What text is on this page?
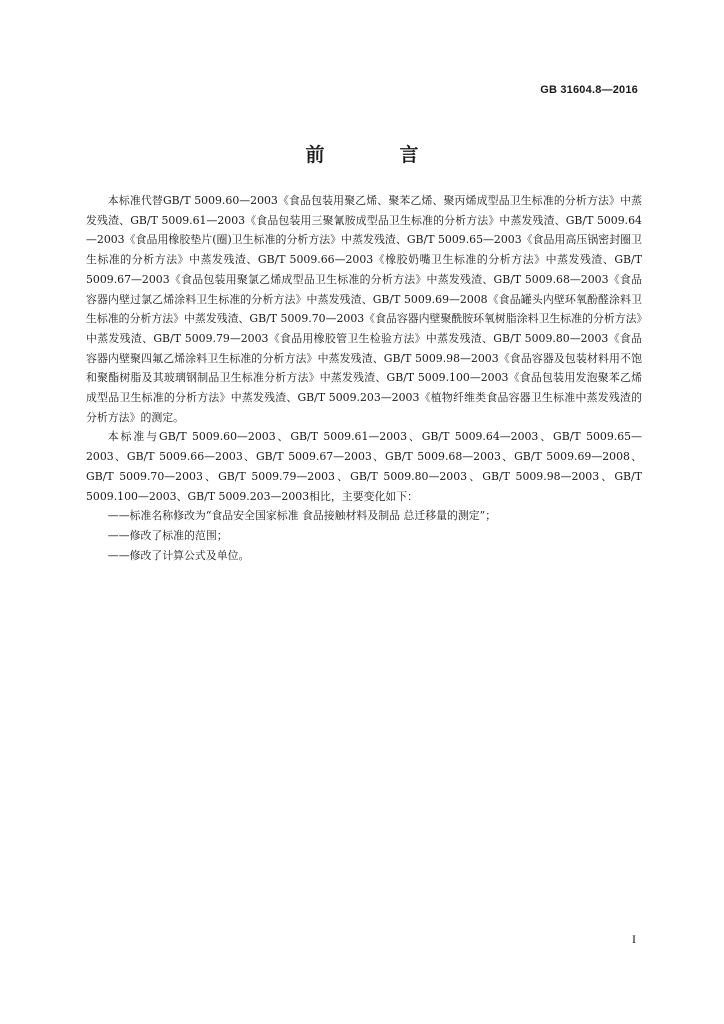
GB 31604.8—2016
前　言

本标准代替GB/T 5009.60—2003《食品包装用聚乙烯、聚苯乙烯、聚丙烯成型品卫生标准的分析方法》中蒸发残渣、GB/T 5009.61—2003《食品包装用三聚氰胺成型品卫生标准的分析方法》中蒸发残渣、GB/T 5009.64—2003《食品用橡胶垫片(圈)卫生标准的分析方法》中蒸发残渣、GB/T 5009.65—2003《食品用高压锅密封圈卫生标准的分析方法》中蒸发残渣、GB/T 5009.66—2003《橡胶奶嘴卫生标准的分析方法》中蒸发残渣、GB/T 5009.67—2003《食品包装用聚氯乙烯成型品卫生标准的分析方法》中蒸发残渣、GB/T 5009.68—2003《食品容器内壁过氯乙烯涂料卫生标准的分析方法》中蒸发残渣、GB/T 5009.69—2008《食品罐头内壁环氧酚醛涂料卫生标准的分析方法》中蒸发残渣、GB/T 5009.70—2003《食品容器内壁聚酰胺环氧树脂涂料卫生标准的分析方法》中蒸发残渣、GB/T 5009.79—2003《食品用橡胶管卫生检验方法》中蒸发残渣、GB/T 5009.80—2003《食品容器内壁聚四氟乙烯涂料卫生标准的分析方法》中蒸发残渣、GB/T 5009.98—2003《食品容器及包装材料用不饱和聚酯树脂及其玻璃钢制品卫生标准分析方法》中蒸发残渣、GB/T 5009.100—2003《食品包装用发泡聚苯乙烯成型品卫生标准的分析方法》中蒸发残渣、GB/T 5009.203—2003《植物纤维类食品容器卫生标准中蒸发残渣的分析方法》的测定。

本标准与GB/T 5009.60—2003、GB/T 5009.61—2003、GB/T 5009.64—2003、GB/T 5009.65—2003、GB/T 5009.66—2003、GB/T 5009.67—2003、GB/T 5009.68—2003、GB/T 5009.69—2008、GB/T 5009.70—2003、GB/T 5009.79—2003、GB/T 5009.80—2003、GB/T 5009.98—2003、GB/T 5009.100—2003、GB/T 5009.203—2003相比，主要变化如下：

——标准名称修改为“食品安全国家标准 食品接触材料及制品 总迁移量的测定”；
——修改了标准的范围；
——修改了计算公式及单位。
I
